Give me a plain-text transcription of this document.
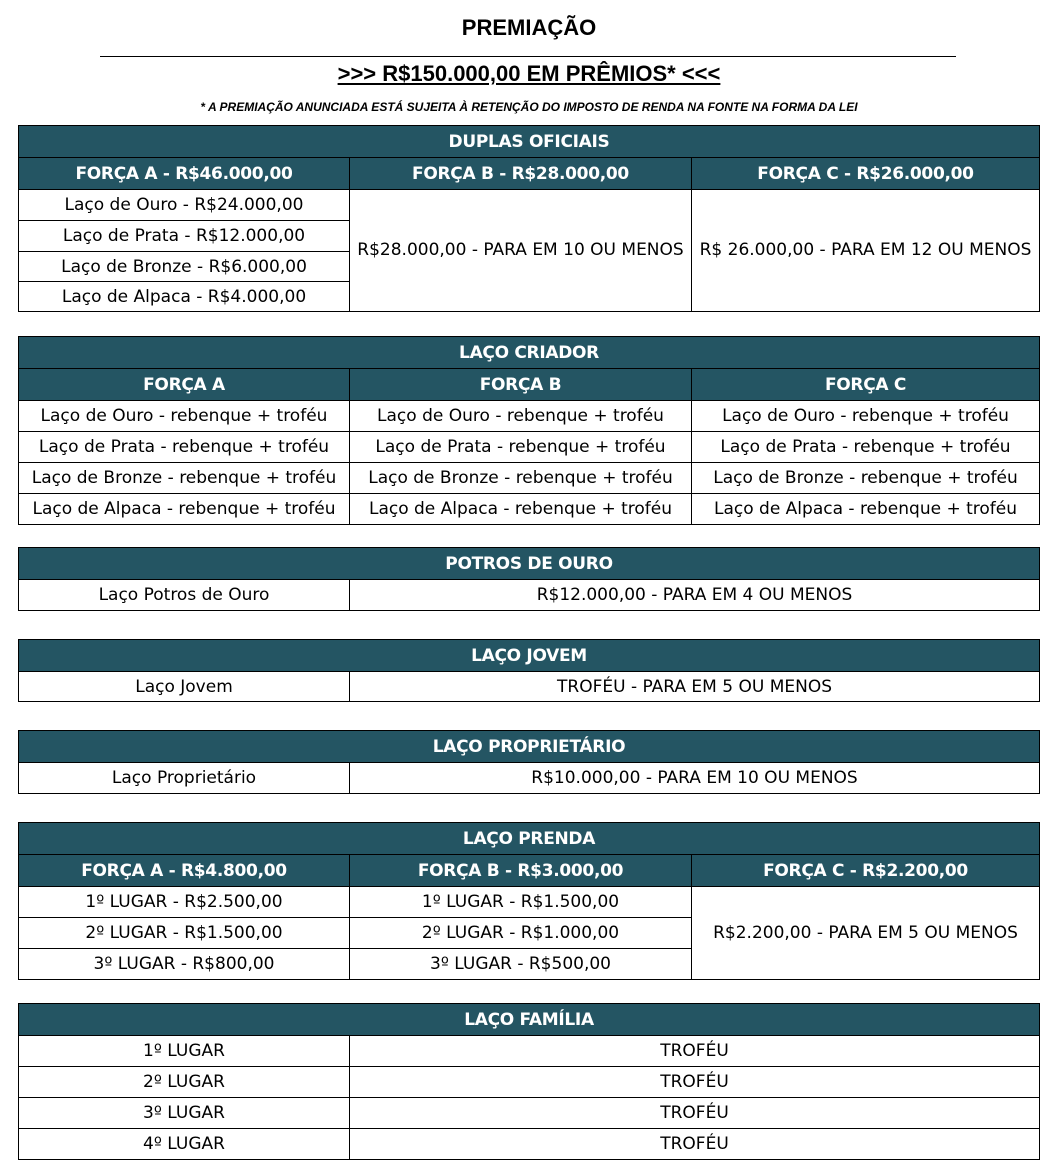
PREMIAÇÃO
>>> R$150.000,00 EM PRÊMIOS* <<<
* A PREMIAÇÃO ANUNCIADA ESTÁ SUJEITA À RETENÇÃO DO IMPOSTO DE RENDA NA FONTE NA FORMA DA LEI
DUPLAS OFICIAIS		
FORÇA A - R$46.000,00	FORÇA B - R$28.000,00	FORÇA C - R$26.000,00
Laço de Ouro - R$24.000,00	R$28.000,00 - PARA EM 10 OU MENOS	R$ 26.000,00 - PARA EM 12 OU MENOS
Laço de Prata - R$12.000,00		
Laço de Bronze - R$6.000,00		
Laço de Alpaca - R$4.000,00		
LAÇO CRIADOR		
FORÇA A	FORÇA B	FORÇA C
Laço de Ouro - rebenque + troféu	Laço de Ouro - rebenque + troféu	Laço de Ouro - rebenque + troféu
Laço de Prata - rebenque + troféu	Laço de Prata - rebenque + troféu	Laço de Prata - rebenque + troféu
Laço de Bronze - rebenque + troféu	Laço de Bronze - rebenque + troféu	Laço de Bronze - rebenque + troféu
Laço de Alpaca - rebenque + troféu	Laço de Alpaca - rebenque + troféu	Laço de Alpaca - rebenque + troféu
POTROS DE OURO
Laço Potros de Ouro	R$12.000,00 - PARA EM 4 OU MENOS
LAÇO JOVEM
Laço Jovem	TROFÉU - PARA EM 5 OU MENOS
LAÇO PROPRIETÁRIO
Laço Proprietário	R$10.000,00 - PARA EM 10 OU MENOS
LAÇO PRENDA		
FORÇA A - R$4.800,00	FORÇA B - R$3.000,00	FORÇA C - R$2.200,00
1º LUGAR - R$2.500,00	1º LUGAR - R$1.500,00	R$2.200,00 - PARA EM 5 OU MENOS
2º LUGAR - R$1.500,00	2º LUGAR - R$1.000,00	
3º LUGAR - R$800,00	3º LUGAR - R$500,00	
LAÇO FAMÍLIA	
1º LUGAR	TROFÉU
2º LUGAR	TROFÉU
3º LUGAR	TROFÉU
4º LUGAR	TROFÉU
